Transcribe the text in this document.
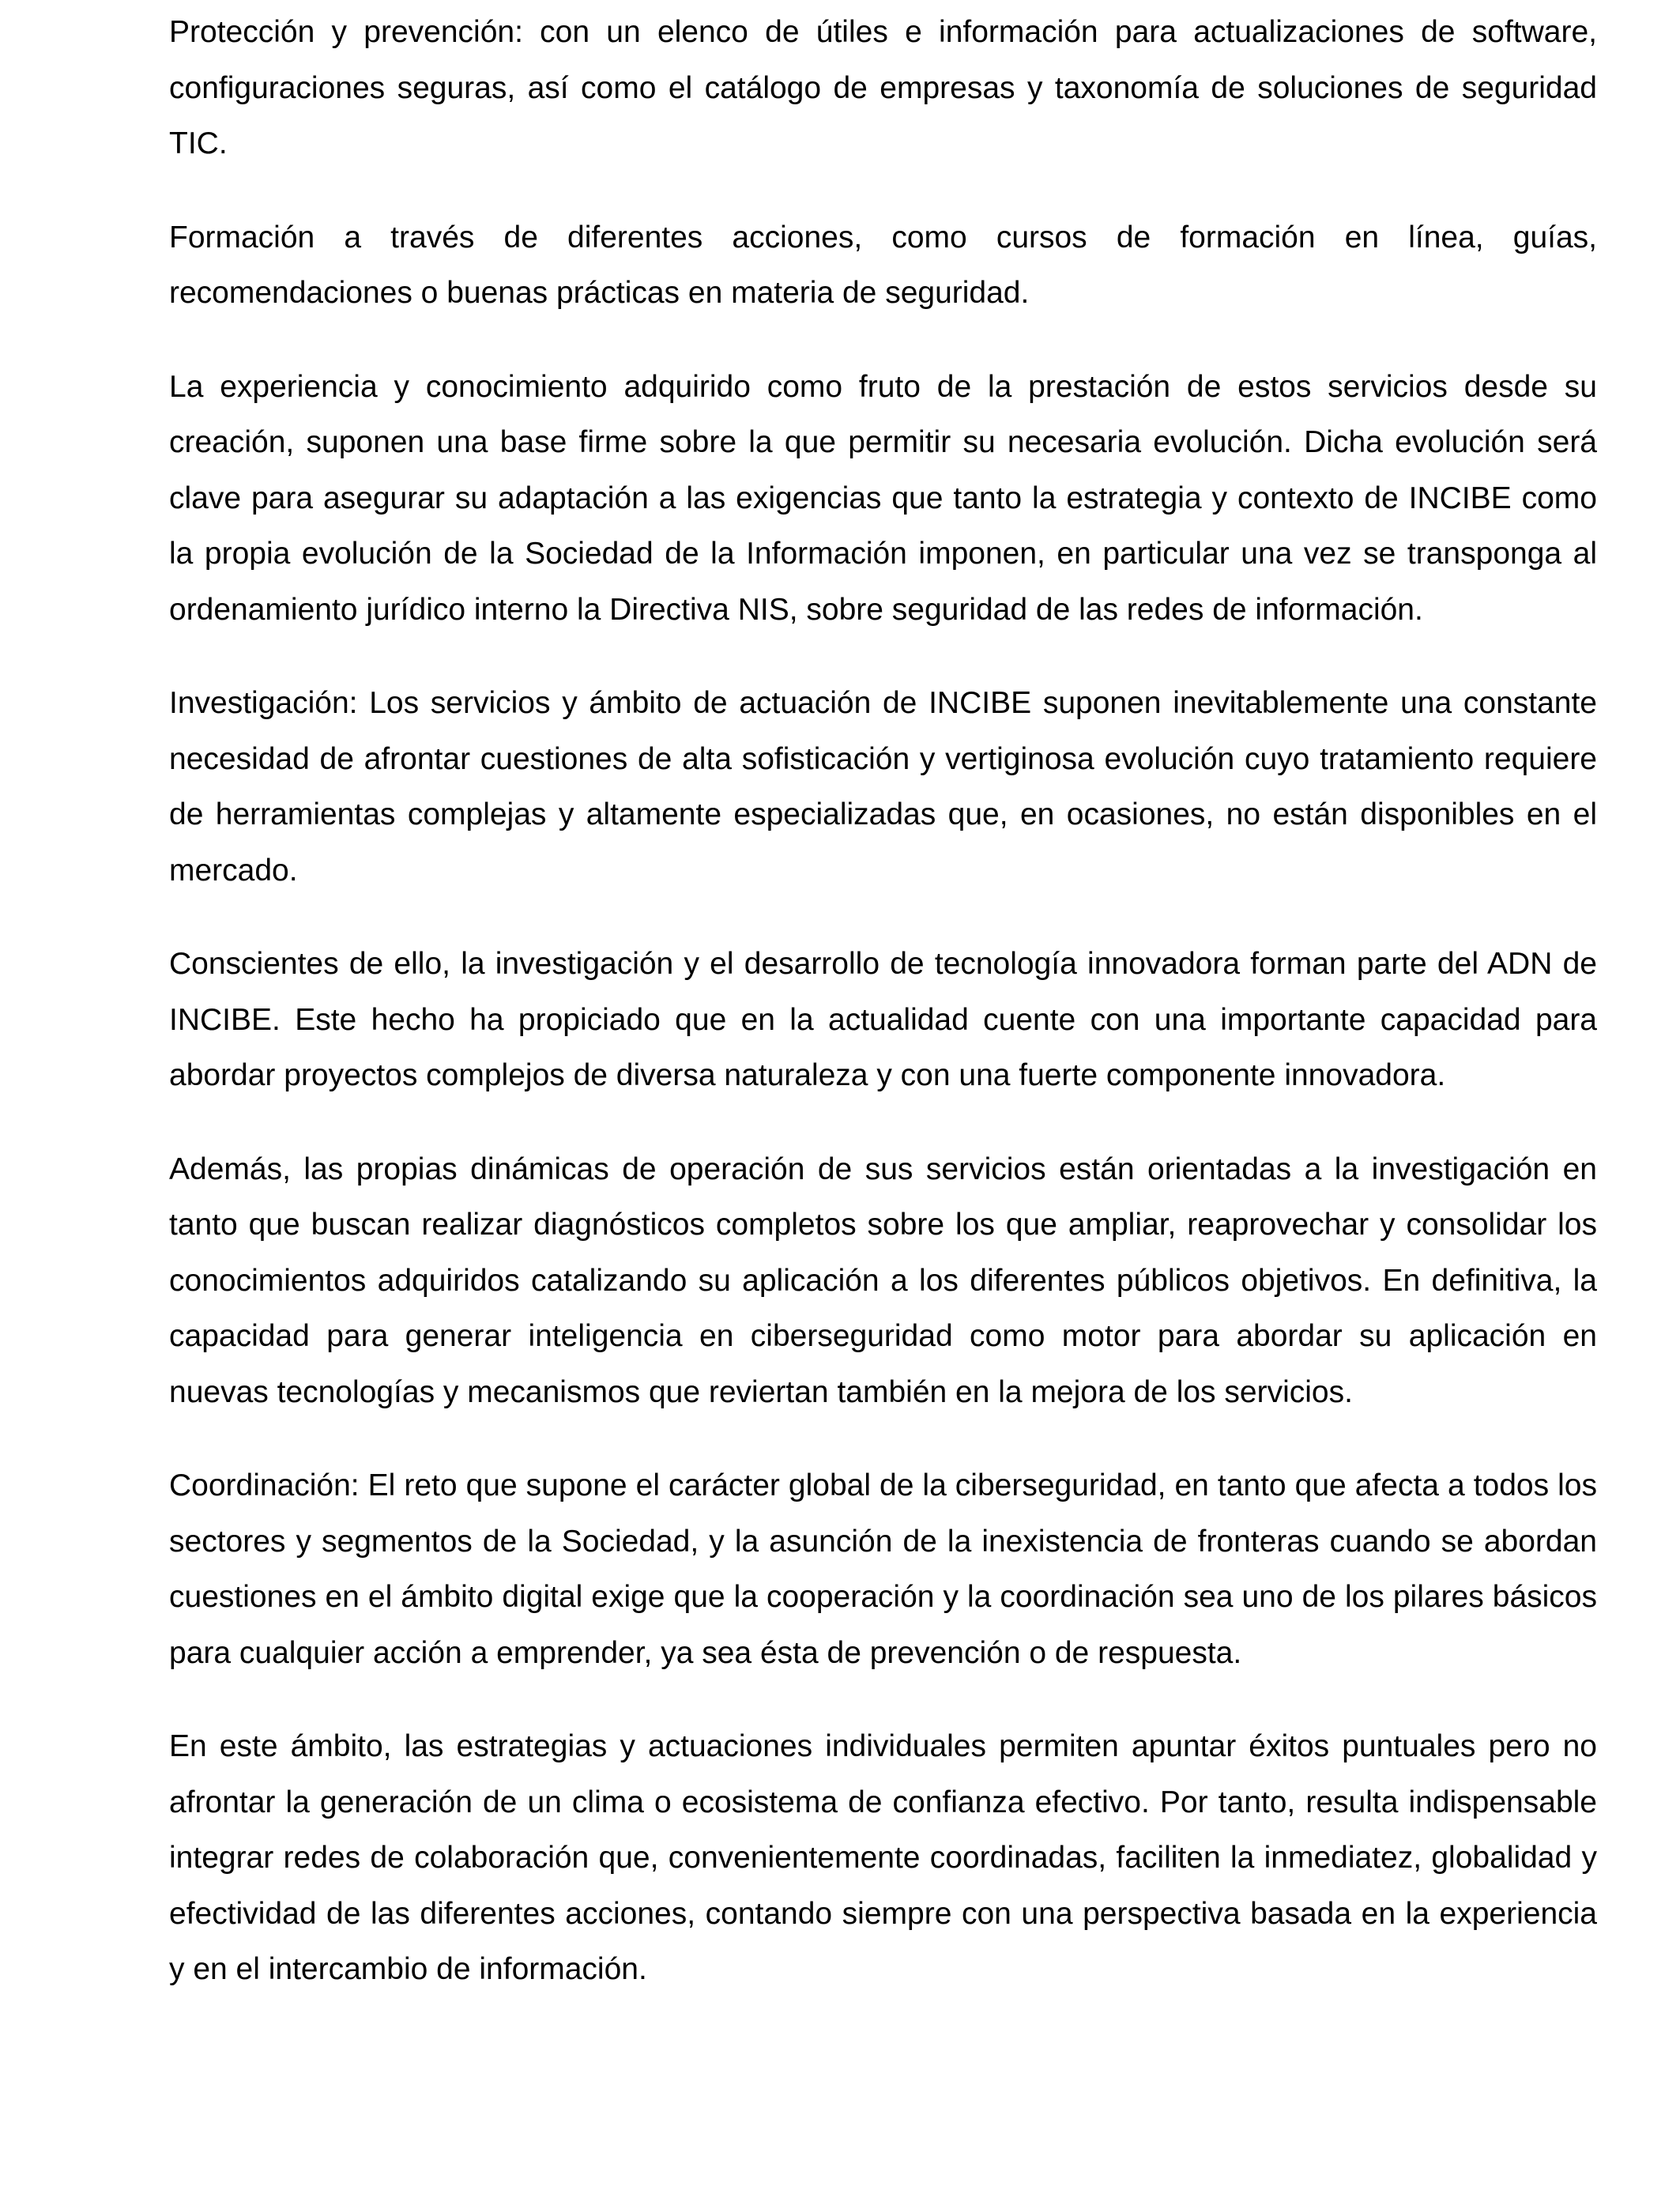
Protección y prevención: con un elenco de útiles e información para actualizaciones de software, configuraciones seguras, así como el catálogo de empresas y taxonomía de soluciones de seguridad TIC.

Formación a través de diferentes acciones, como cursos de formación en línea, guías, recomendaciones o buenas prácticas en materia de seguridad.

La experiencia y conocimiento adquirido como fruto de la prestación de estos servicios desde su creación, suponen una base firme sobre la que permitir su necesaria evolución. Dicha evolución será clave para asegurar su adaptación a las exigencias que tanto la estrategia y contexto de INCIBE como la propia evolución de la Sociedad de la Información imponen, en particular una vez se transponga al ordenamiento jurídico interno la Directiva NIS, sobre seguridad de las redes de información.

Investigación: Los servicios y ámbito de actuación de INCIBE suponen inevitablemente una constante necesidad de afrontar cuestiones de alta sofisticación y vertiginosa evolución cuyo tratamiento requiere de herramientas complejas y altamente especializadas que, en ocasiones, no están disponibles en el mercado.

Conscientes de ello, la investigación y el desarrollo de tecnología innovadora forman parte del ADN de INCIBE. Este hecho ha propiciado que en la actualidad cuente con una importante capacidad para abordar proyectos complejos de diversa naturaleza y con una fuerte componente innovadora.

Además, las propias dinámicas de operación de sus servicios están orientadas a la investigación en tanto que buscan realizar diagnósticos completos sobre los que ampliar, reaprovechar y consolidar los conocimientos adquiridos catalizando su aplicación a los diferentes públicos objetivos. En definitiva, la capacidad para generar inteligencia en ciberseguridad como motor para abordar su aplicación en nuevas tecnologías y mecanismos que reviertan también en la mejora de los servicios.

Coordinación: El reto que supone el carácter global de la ciberseguridad, en tanto que afecta a todos los sectores y segmentos de la Sociedad, y la asunción de la inexistencia de fronteras cuando se abordan cuestiones en el ámbito digital exige que la cooperación y la coordinación sea uno de los pilares básicos para cualquier acción a emprender, ya sea ésta de prevención o de respuesta.

En este ámbito, las estrategias y actuaciones individuales permiten apuntar éxitos puntuales pero no afrontar la generación de un clima o ecosistema de confianza efectivo. Por tanto, resulta indispensable integrar redes de colaboración que, convenientemente coordinadas, faciliten la inmediatez, globalidad y efectividad de las diferentes acciones, contando siempre con una perspectiva basada en la experiencia y en el intercambio de información.
